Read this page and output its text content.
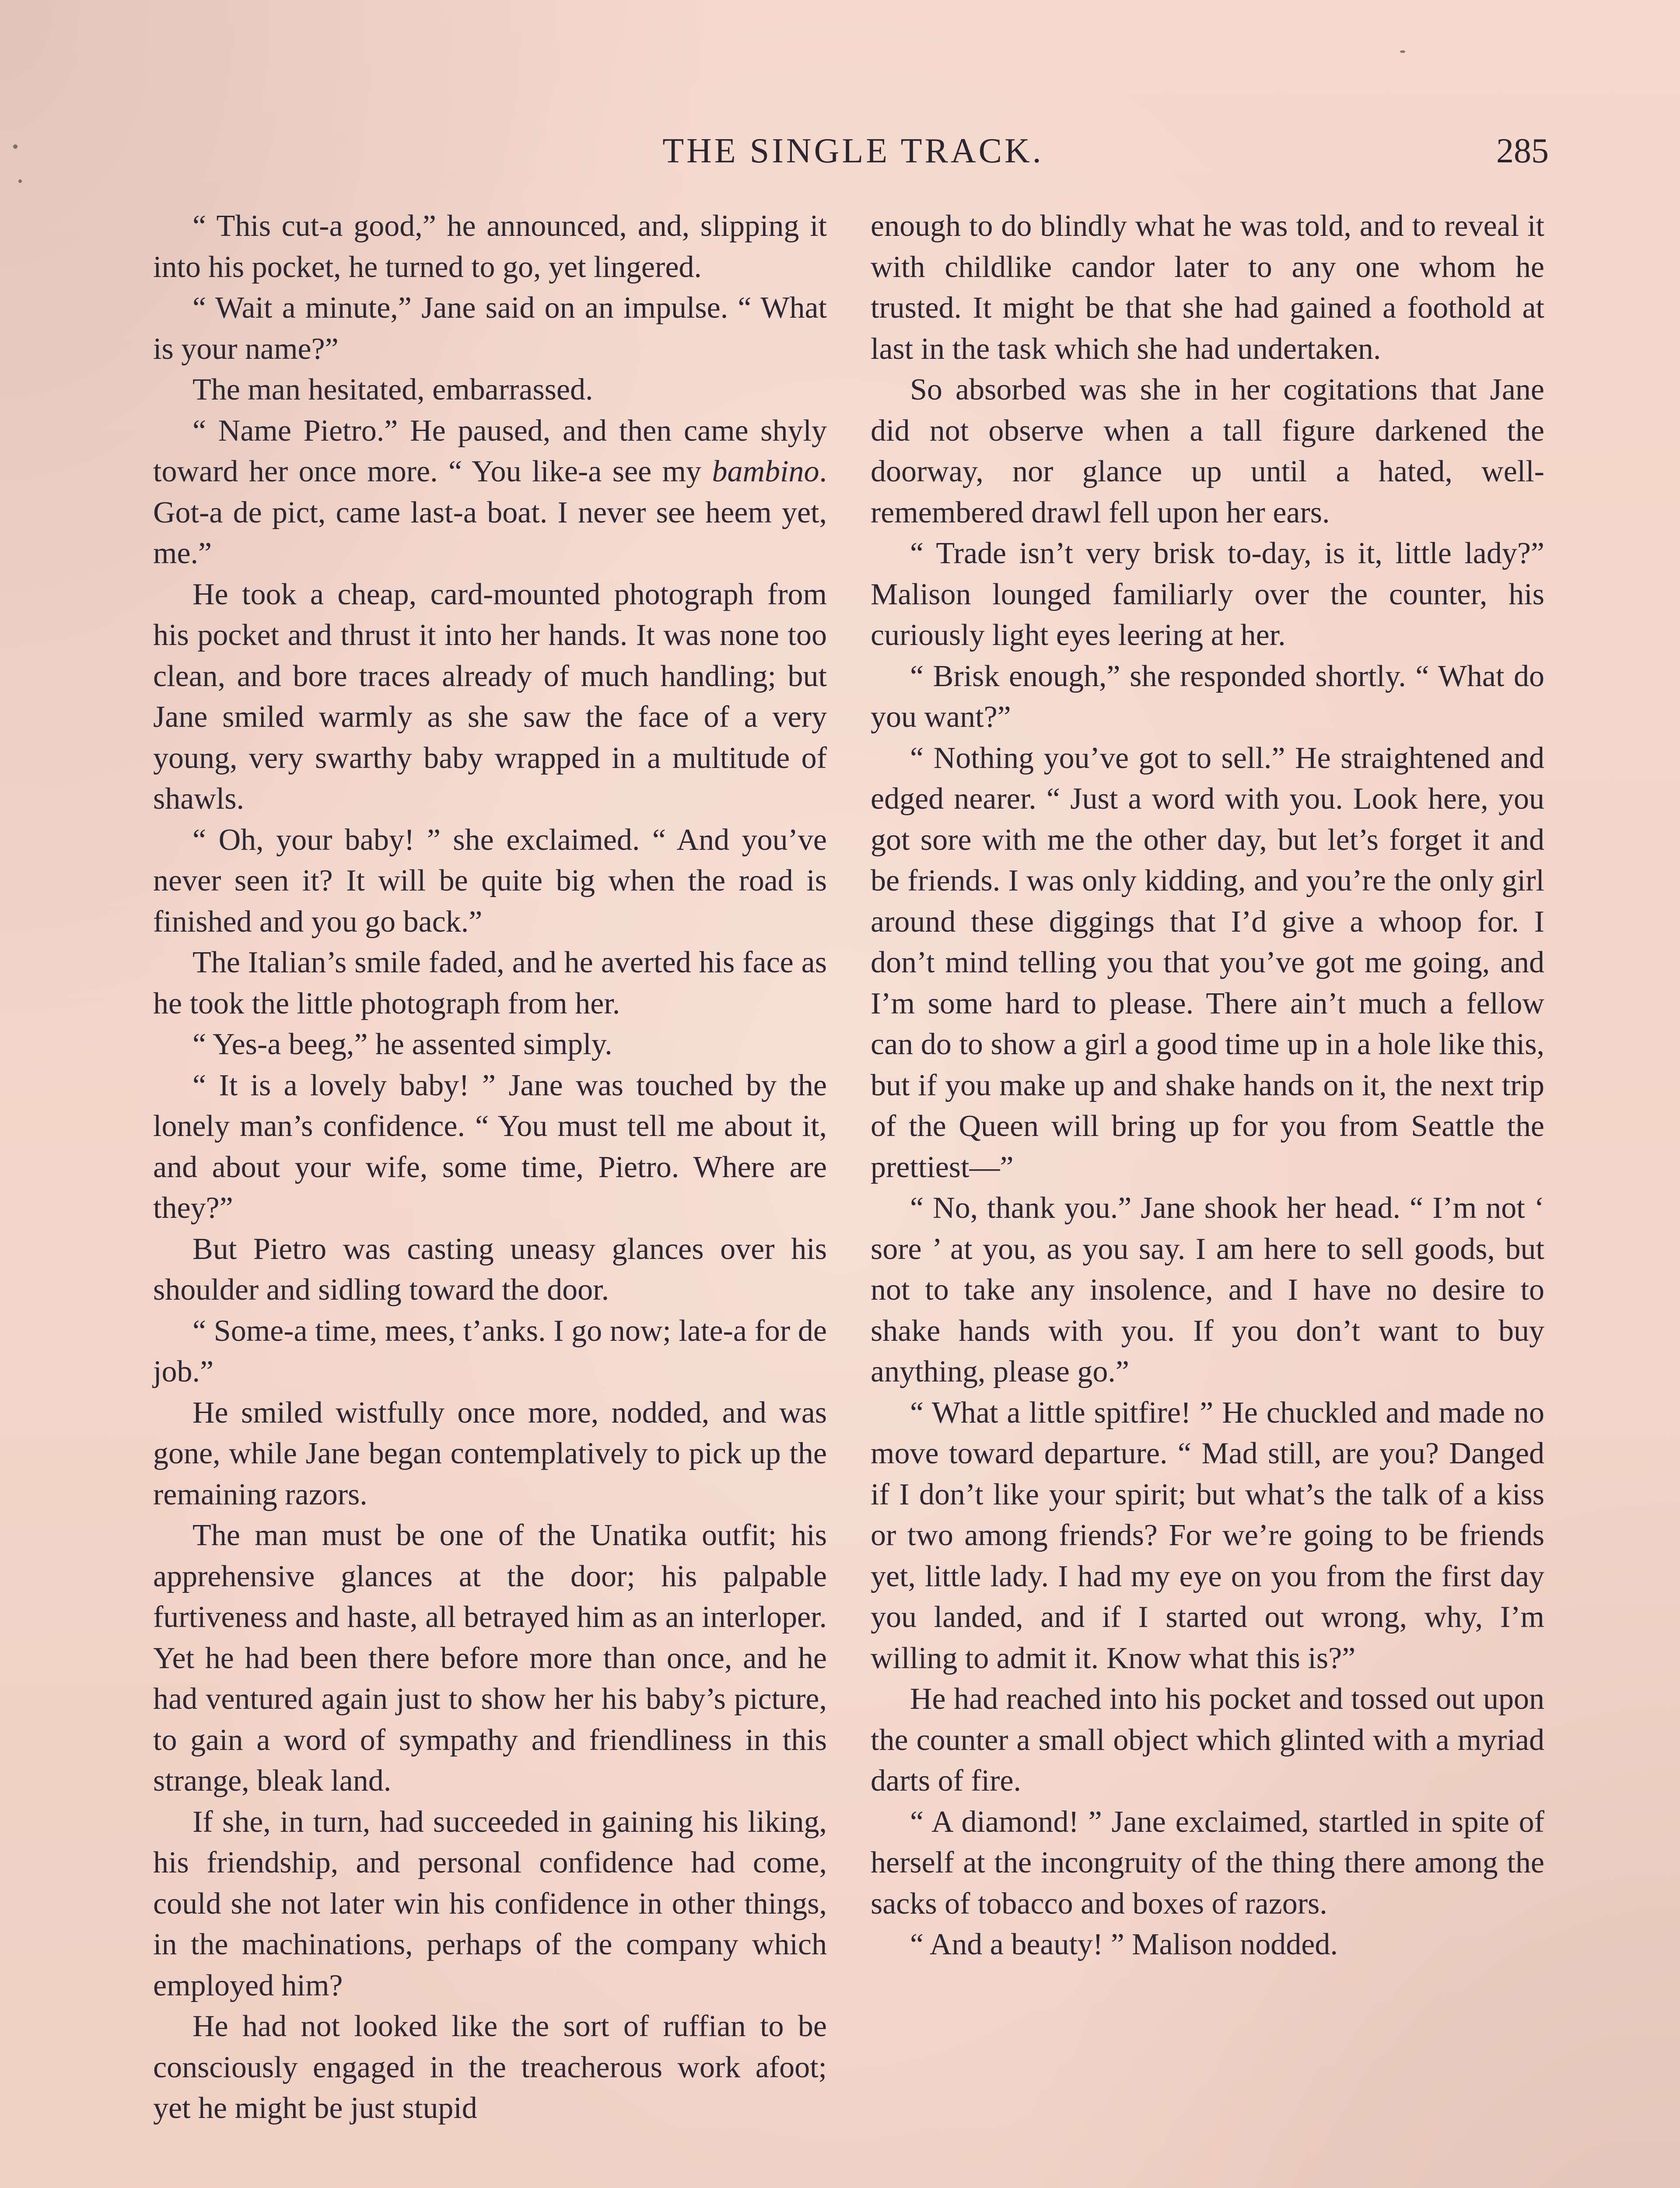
THE SINGLE TRACK.	285

“ This cut-a good,” he announced, and, slipping it into his pocket, he turned to go, yet lingered.

“ Wait a minute,” Jane said on an impulse. “ What is your name?”

The man hesitated, embarrassed.

“ Name Pietro.” He paused, and then came shyly toward her once more. “ You like-a see my bambino. Got-a de pict, came last-a boat. I never see heem yet, me.”

He took a cheap, card-mounted photograph from his pocket and thrust it into her hands. It was none too clean, and bore traces already of much handling; but Jane smiled warmly as she saw the face of a very young, very swarthy baby wrapped in a multitude of shawls.

“ Oh, your baby! ” she exclaimed. “ And you’ve never seen it? It will be quite big when the road is finished and you go back.”

The Italian’s smile faded, and he averted his face as he took the little photograph from her.

“ Yes-a beeg,” he assented simply.

“ It is a lovely baby! ” Jane was touched by the lonely man’s confidence. “ You must tell me about it, and about your wife, some time, Pietro. Where are they?”

But Pietro was casting uneasy glances over his shoulder and sidling toward the door.

“ Some-a time, mees, t’anks. I go now; late-a for de job.”

He smiled wistfully once more, nodded, and was gone, while Jane began contemplatively to pick up the remaining razors.

The man must be one of the Unatika outfit; his apprehensive glances at the door; his palpable furtiveness and haste, all betrayed him as an interloper. Yet he had been there before more than once, and he had ventured again just to show her his baby’s picture, to gain a word of sympathy and friendliness in this strange, bleak land.

If she, in turn, had succeeded in gaining his liking, his friendship, and personal confidence had come, could she not later win his confidence in other things, in the machinations, perhaps of the company which employed him?

He had not looked like the sort of ruffian to be consciously engaged in the treacherous work afoot; yet he might be just stupid

enough to do blindly what he was told, and to reveal it with childlike candor later to any one whom he trusted. It might be that she had gained a foothold at last in the task which she had undertaken.

So absorbed was she in her cogitations that Jane did not observe when a tall figure darkened the doorway, nor glance up until a hated, well-remembered drawl fell upon her ears.

“ Trade isn’t very brisk to-day, is it, little lady?” Malison lounged familiarly over the counter, his curiously light eyes leering at her.

“ Brisk enough,” she responded shortly. “ What do you want?”

“ Nothing you’ve got to sell.” He straightened and edged nearer. “ Just a word with you. Look here, you got sore with me the other day, but let’s forget it and be friends. I was only kidding, and you’re the only girl around these diggings that I’d give a whoop for. I don’t mind telling you that you’ve got me going, and I’m some hard to please. There ain’t much a fellow can do to show a girl a good time up in a hole like this, but if you make up and shake hands on it, the next trip of the Queen will bring up for you from Seattle the prettiest—”

“ No, thank you.” Jane shook her head. “ I’m not ‘ sore ’ at you, as you say. I am here to sell goods, but not to take any insolence, and I have no desire to shake hands with you. If you don’t want to buy anything, please go.”

“ What a little spitfire! ” He chuckled and made no move toward departure. “ Mad still, are you? Danged if I don’t like your spirit; but what’s the talk of a kiss or two among friends? For we’re going to be friends yet, little lady. I had my eye on you from the first day you landed, and if I started out wrong, why, I’m willing to admit it. Know what this is?”

He had reached into his pocket and tossed out upon the counter a small object which glinted with a myriad darts of fire.

“ A diamond! ” Jane exclaimed, startled in spite of herself at the incongruity of the thing there among the sacks of tobacco and boxes of razors.

“ And a beauty! ” Malison nodded.
